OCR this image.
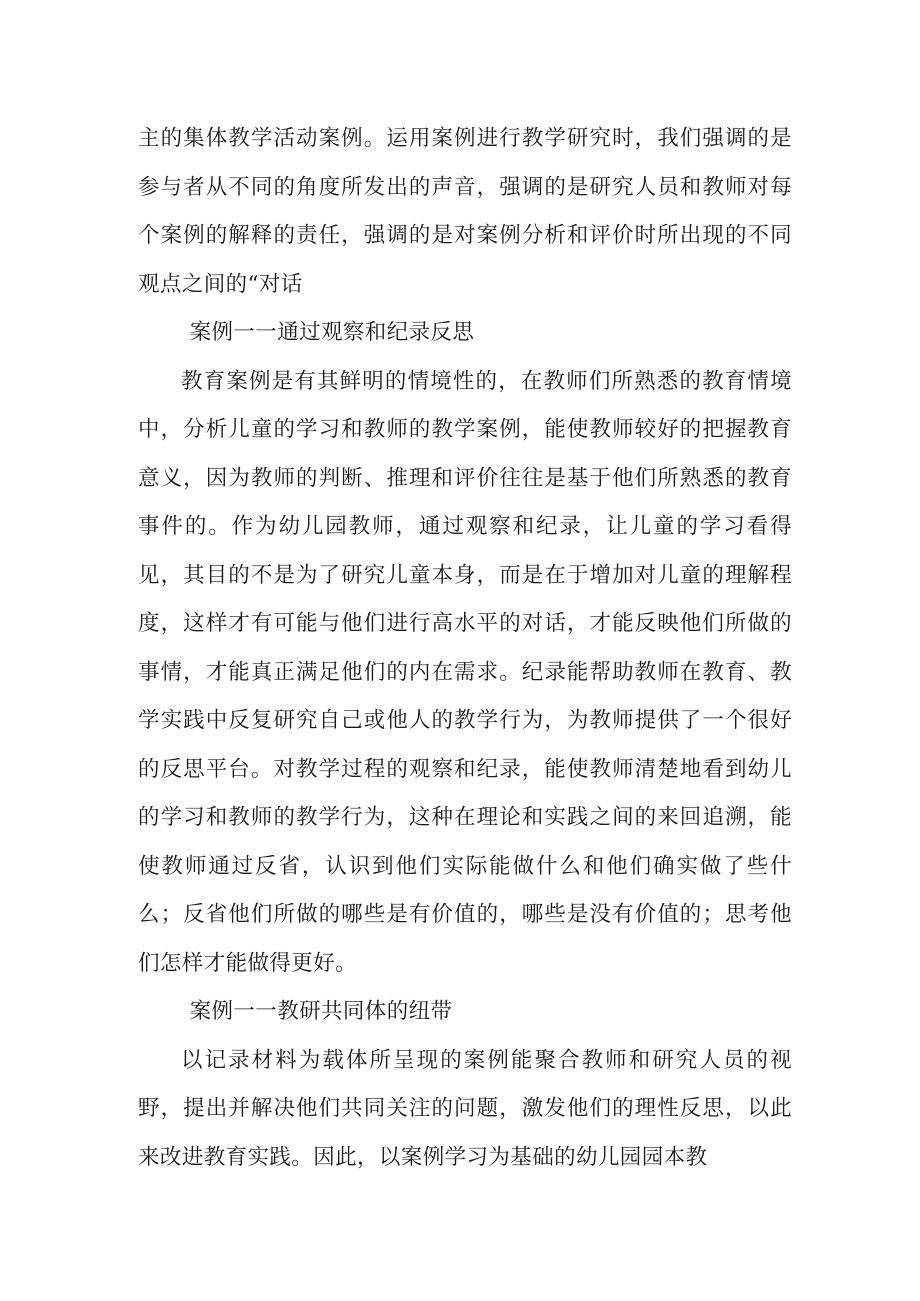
主的集体教学活动案例。运用案例进行教学研究时，我们强调的是参与者从不同的角度所发出的声音，强调的是研究人员和教师对每个案例的解释的责任，强调的是对案例分析和评价时所出现的不同观点之间的“对话

案例一一通过观察和纪录反思

教育案例是有其鲜明的情境性的，在教师们所熟悉的教育情境中，分析儿童的学习和教师的教学案例，能使教师较好的把握教育意义，因为教师的判断、推理和评价往往是基于他们所熟悉的教育事件的。作为幼儿园教师，通过观察和纪录，让儿童的学习看得见，其目的不是为了研究儿童本身，而是在于增加对儿童的理解程度，这样才有可能与他们进行高水平的对话，才能反映他们所做的事情，才能真正满足他们的内在需求。纪录能帮助教师在教育、教学实践中反复研究自己或他人的教学行为，为教师提供了一个很好的反思平台。对教学过程的观察和纪录，能使教师清楚地看到幼儿的学习和教师的教学行为，这种在理论和实践之间的来回追溯，能使教师通过反省，认识到他们实际能做什么和他们确实做了些什么；反省他们所做的哪些是有价值的，哪些是没有价值的；思考他们怎样才能做得更好。

案例一一教研共同体的纽带

以记录材料为载体所呈现的案例能聚合教师和研究人员的视野，提出并解决他们共同关注的问题，激发他们的理性反思，以此来改进教育实践。因此，以案例学习为基础的幼儿园园本教
